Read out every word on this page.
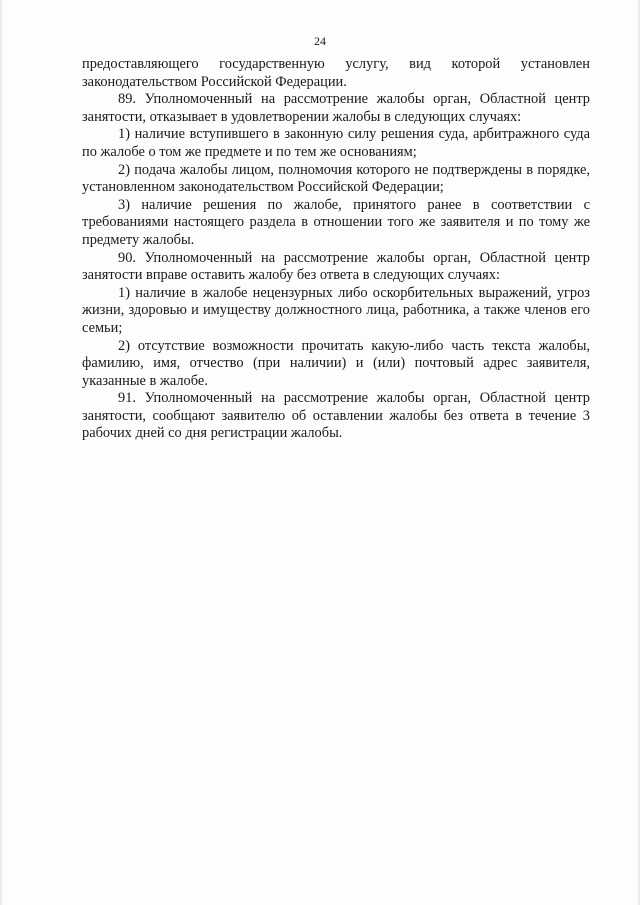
24

предоставляющего государственную услугу, вид которой установлен законодательством Российской Федерации.

89. Уполномоченный на рассмотрение жалобы орган, Областной центр занятости, отказывает в удовлетворении жалобы в следующих случаях:

1) наличие вступившего в законную силу решения суда, арбитражного суда по жалобе о том же предмете и по тем же основаниям;

2) подача жалобы лицом, полномочия которого не подтверждены в порядке, установленном законодательством Российской Федерации;

3) наличие решения по жалобе, принятого ранее в соответствии с требованиями настоящего раздела в отношении того же заявителя и по тому же предмету жалобы.

90. Уполномоченный на рассмотрение жалобы орган, Областной центр занятости вправе оставить жалобу без ответа в следующих случаях:

1) наличие в жалобе нецензурных либо оскорбительных выражений, угроз жизни, здоровью и имуществу должностного лица, работника, а также членов его семьи;

2) отсутствие возможности прочитать какую-либо часть текста жалобы, фамилию, имя, отчество (при наличии) и (или) почтовый адрес заявителя, указанные в жалобе.

91. Уполномоченный на рассмотрение жалобы орган, Областной центр занятости, сообщают заявителю об оставлении жалобы без ответа в течение 3 рабочих дней со дня регистрации жалобы.
